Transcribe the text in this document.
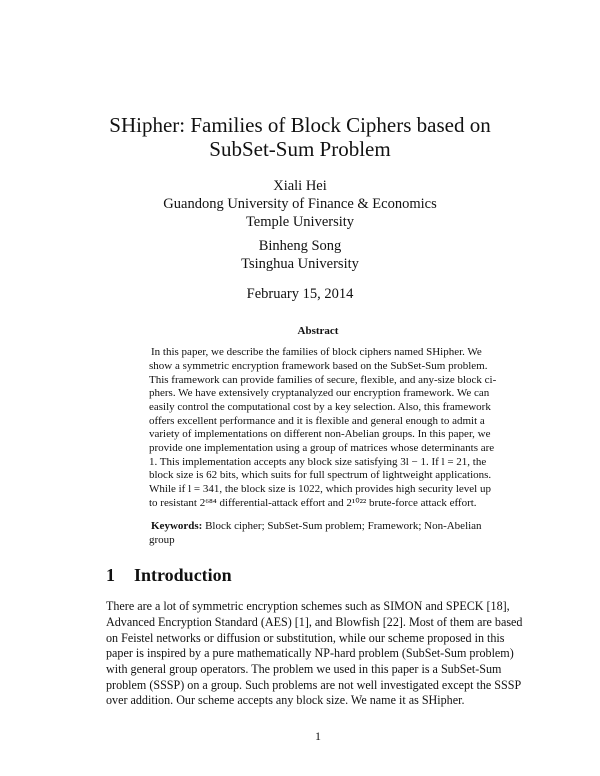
SHipher: Families of Block Ciphers based on
SubSet-Sum Problem
Xiali Hei
Guandong University of Finance & Economics
Temple University
Binheng Song
Tsinghua University
February 15, 2014
Abstract
In this paper, we describe the families of block ciphers named SHipher. We
show a symmetric encryption framework based on the SubSet-Sum problem.
This framework can provide families of secure, flexible, and any-size block ci-
phers. We have extensively cryptanalyzed our encryption framework. We can
easily control the computational cost by a key selection. Also, this framework
offers excellent performance and it is flexible and general enough to admit a
variety of implementations on different non-Abelian groups. In this paper, we
provide one implementation using a group of matrices whose determinants are
1. This implementation accepts any block size satisfying 3l − 1. If l = 21, the
block size is 62 bits, which suits for full spectrum of lightweight applications.
While if l = 341, the block size is 1022, which provides high security level up
to resistant 2⁶⁸⁴ differential-attack effort and 2¹⁰²² brute-force attack effort.
Keywords: Block cipher; SubSet-Sum problem; Framework; Non-Abelian
group
1 Introduction
There are a lot of symmetric encryption schemes such as SIMON and SPECK [18],
Advanced Encryption Standard (AES) [1], and Blowfish [22]. Most of them are based
on Feistel networks or diffusion or substitution, while our scheme proposed in this
paper is inspired by a pure mathematically NP-hard problem (SubSet-Sum problem)
with general group operators. The problem we used in this paper is a SubSet-Sum
problem (SSSP) on a group. Such problems are not well investigated except the SSSP
over addition. Our scheme accepts any block size. We name it as SHipher.
1
